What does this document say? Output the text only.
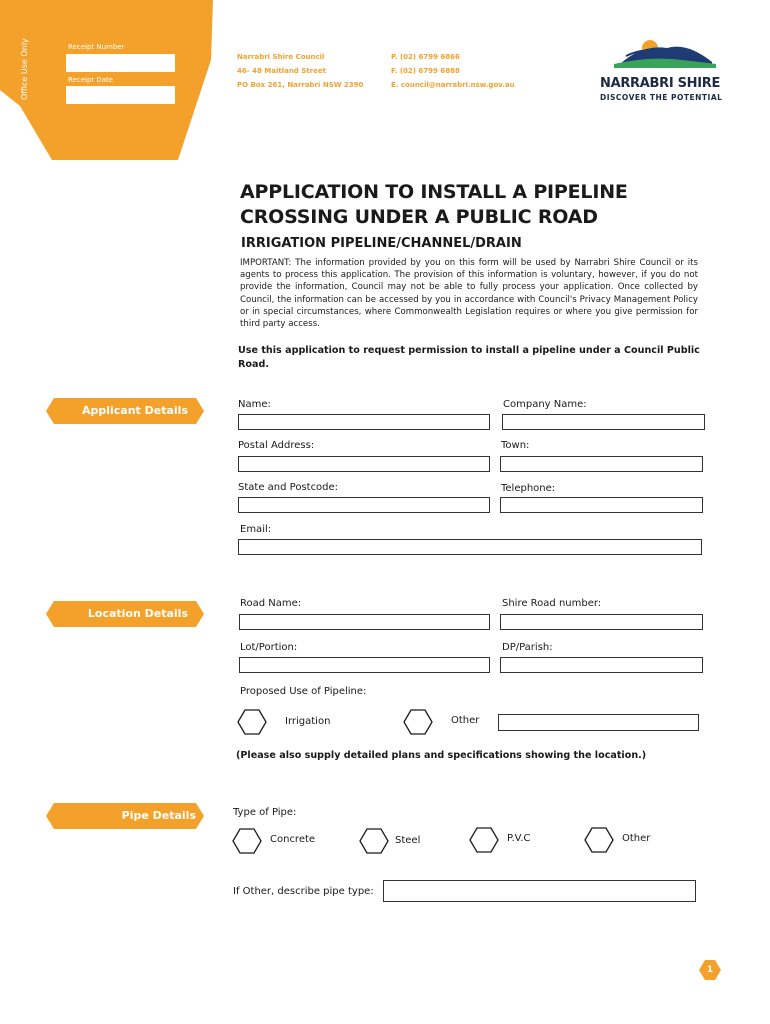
Office Use Only	Receipt Number
Receipt Date
Narrabri Shire Council
46- 48 Maitland Street
PO Box 261, Narrabri NSW 2390
P. (02) 6799 6866
F. (02) 6799 6888
E. council@narrabri.nsw.gov.au	NARRABRI SHIRE
DISCOVER THE POTENTIAL
APPLICATION TO INSTALL A PIPELINE
CROSSING UNDER A PUBLIC ROAD
IRRIGATION PIPELINE/CHANNEL/DRAIN
IMPORTANT: The information provided by you on this form will be used by Narrabri Shire Council or its agents to process this application. The provision of this information is voluntary, however, if you do not provide the information, Council may not be able to fully process your application. Once collected by Council, the information can be accessed by you in accordance with Council's Privacy Management Policy or in special circumstances, where Commonwealth Legislation requires or where you give permission for third party access.
Use this application to request permission to install a pipeline under a Council Public Road.
Applicant Details	Name:	Company Name:
Postal Address:	Town:
State and Postcode:	Telephone:
Email:
Location Details
Road Name:	Shire Road number:
Lot/Portion:	DP/Parish:
Proposed Use of Pipeline:
Irrigation	Other
(Please also supply detailed plans and specifications showing the location.)
Pipe Details	Type of Pipe:
Concrete	Steel	P.V.C	Other
If Other, describe pipe type:
1
